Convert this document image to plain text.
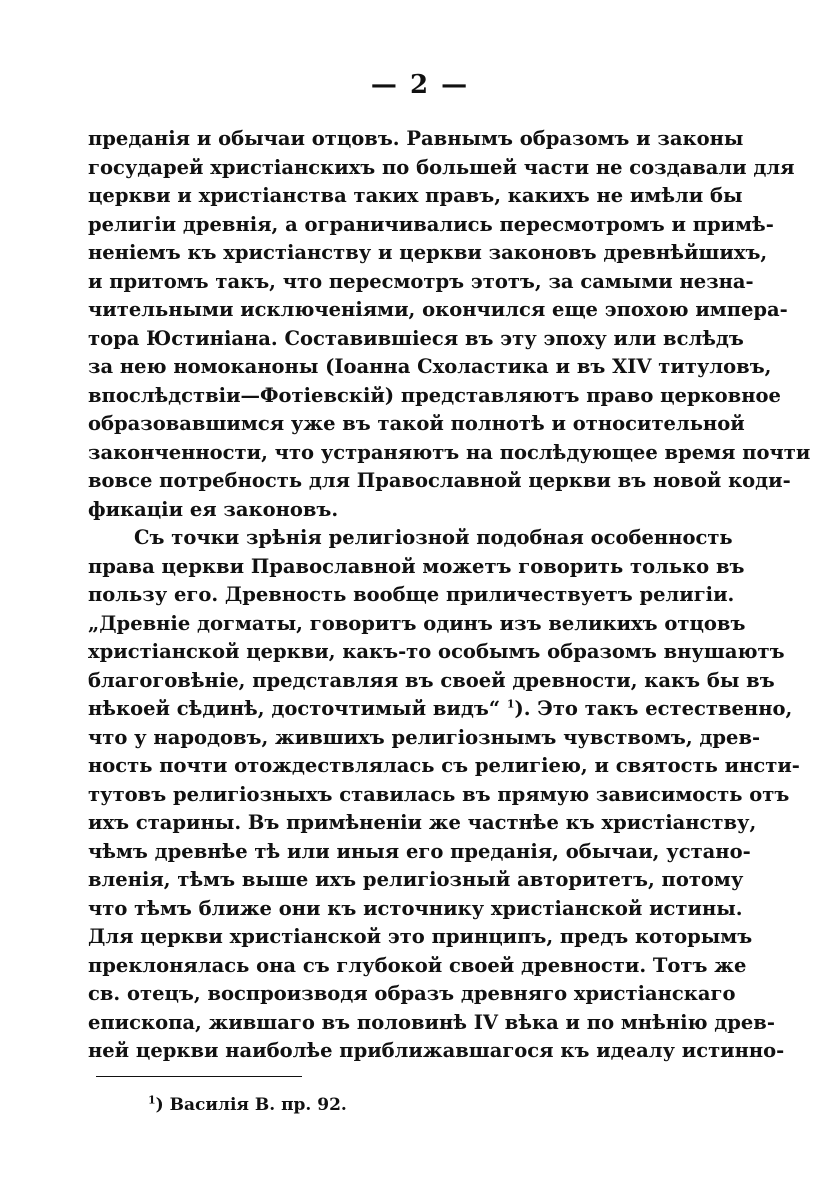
— 2 —
преданія и обычаи отцовъ. Равнымъ образомъ и законы
государей христіанскихъ по большей части не создавали для
церкви и христіанства таких правъ, какихъ не имѣли бы
религіи древнія, а ограничивались пересмотромъ и примѣ-
неніемъ къ христіанству и церкви законовъ древнѣйшихъ,
и притомъ такъ, что пересмотръ этотъ, за самыми незна-
чительными исключеніями, окончился еще эпохою импера-
тора Юстиніана. Составившіеся въ эту эпоху или вслѣдъ
за нею номоканоны (Іоанна Схоластика и въ XIV титуловъ,
впослѣдствіи—Фотіевскій) представляютъ право церковное
образовавшимся уже въ такой полнотѣ и относительной
законченности, что устраняютъ на послѣдующее время почти
вовсе потребность для Православной церкви въ новой коди-
фикаціи ея законовъ.
Съ точки зрѣнія религіозной подобная особенность
права церкви Православной можетъ говорить только въ
пользу его. Древность вообще приличествуетъ религіи.
„Древніе догматы, говоритъ одинъ изъ великихъ отцовъ
христіанской церкви, какъ-то особымъ образомъ внушаютъ
благоговѣніе, представляя въ своей древности, какъ бы въ
нѣкоей сѣдинѣ, досточтимый видъ“ $^1$). Это такъ естественно,
что у народовъ, жившихъ религіознымъ чувствомъ, древ-
ность почти отождествлялась съ религіею, и святость инсти-
тутовъ религіозныхъ ставилась въ прямую зависимость отъ
ихъ старины. Въ примѣненіи же частнѣе къ христіанству,
чѣмъ древнѣе тѣ или иныя его преданія, обычаи, устано-
вленія, тѣмъ выше ихъ религіозный авторитетъ, потому
что тѣмъ ближе они къ источнику христіанской истины.
Для церкви христіанской это принципъ, предъ которымъ
преклонялась она съ глубокой своей древности. Тотъ же
св. отецъ, воспроизводя образъ древняго христіанскаго
епископа, жившаго въ половинѣ IV вѣка и по мнѣнію древ-
ней церкви наиболѣе приближавшагося къ идеалу истинно-
$^1$) Василія В. пр. 92.
